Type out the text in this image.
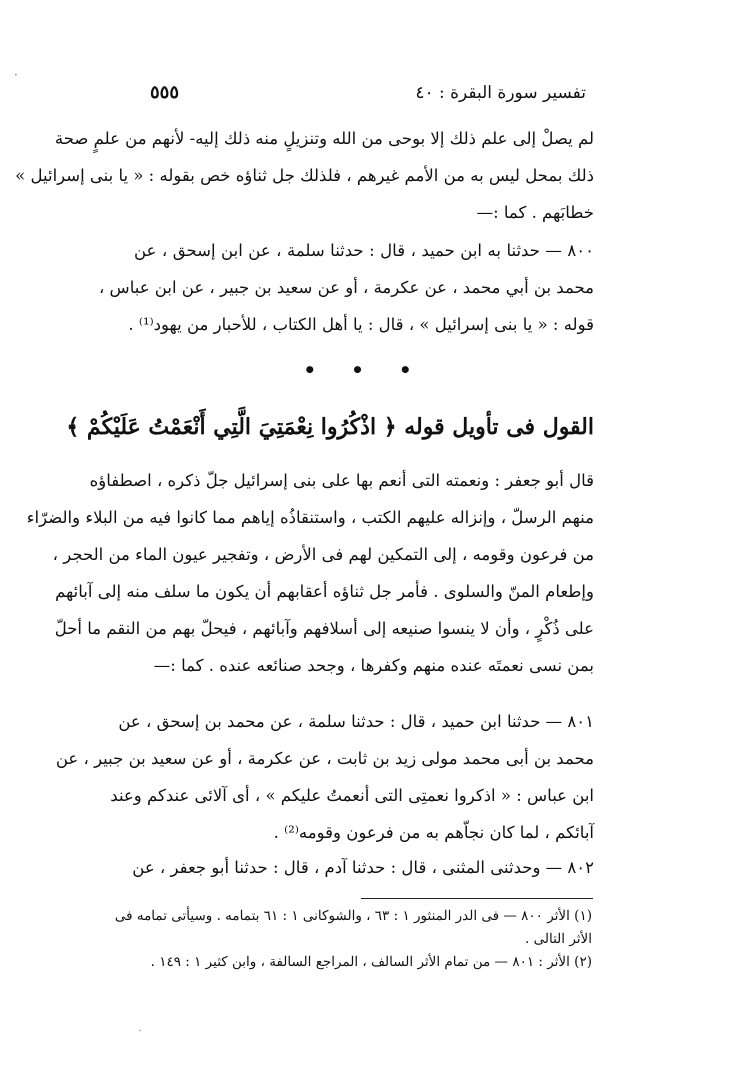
٥٥٥	تفسير سورة البقرة : ٤٠
لم يصلْ إلى علم ذلك إلا بوحى من الله وتنزيلٍ منه ذلك إليه- لأنهم من علمٍ صحة
ذلك بمحل ليس به من الأمم غيرهم ، فلذلك جل ثناؤه خص بقوله : « يا بنى إسرائيل »
خطابَهم . كما :—
٨٠٠ — حدثنا به ابن حميد ، قال : حدثنا سلمة ، عن ابن إسحق ، عن
محمد بن أبي محمد ، عن عكرمة ، أو عن سعيد بن جبير ، عن ابن عباس ،
قوله : « يا بنى إسرائيل » ، قال : يا أهل الكتاب ، للأحبار من يهود⁽¹⁾ .
• • •
القول فى تأويل قوله ﴿ اذْكُرُوا نِعْمَتِيَ الَّتِي أَنْعَمْتُ عَلَيْكُمْ ﴾
قال أبو جعفر : ونعمته التى أنعم بها على بنى إسرائيل جلّ ذكره ، اصطفاؤه
منهم الرسلّ ، وإنزاله عليهم الكتب ، واستنقاذُه إياهم مما كانوا فيه من البلاء والضرّاء
من فرعون وقومه ، إلى التمكين لهم فى الأرض ، وتفجير عيون الماء من الحجر ،
وإطعام المنّ والسلوى . فأمر جل ثناؤه أعقابهم أن يكون ما سلف منه إلى آبائهم
على ذُكْرٍ ، وأن لا ينسوا صنيعه إلى أسلافهم وآبائهم ، فيحلّ بهم من النقم ما أحلّ
بمن نسى نعمتَه عنده منهم وكفرها ، وجحد صنائعه عنده . كما :—
٨٠١ — حدثنا ابن حميد ، قال : حدثنا سلمة ، عن محمد بن إسحق ، عن
محمد بن أبى محمد مولى زيد بن ثابت ، عن عكرمة ، أو عن سعيد بن جبير ، عن
ابن عباس : « اذكروا نعمتِى التى أنعمتُ عليكم » ، أى آلائى عندكم وعند
آبائكم ، لما كان نجاّهم به من فرعون وقومه⁽²⁾ .
٨٠٢ — وحدثنى المثنى ، قال : حدثنا آدم ، قال : حدثنا أبو جعفر ، عن
(١) الأثر ٨٠٠ — فى الدر المنثور ١ : ٦٣ ، والشوكانى ١ : ٦١ بتمامه . وسيأتى تمامه فى
الأثر التالى .
(٢) الأثر : ٨٠١ — من تمام الأثر السالف ، المراجع السالفة ، وابن كثير ١ : ١٤٩ .
·
ˏ
